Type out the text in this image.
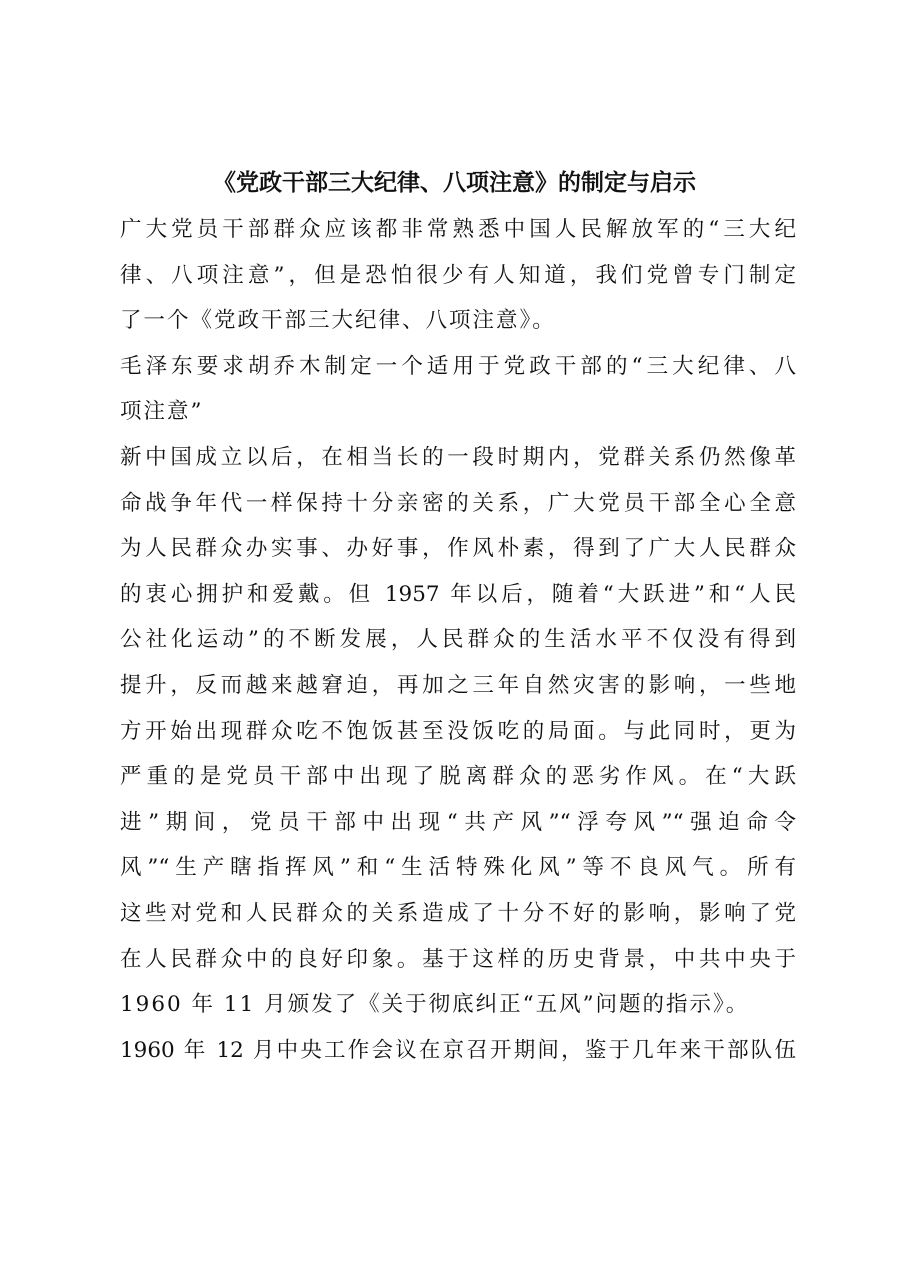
《党政干部三大纪律、八项注意》的制定与启示
广大党员干部群众应该都非常熟悉中国人民解放军的“三大纪
律、八项注意”，但是恐怕很少有人知道，我们党曾专门制定
了一个《党政干部三大纪律、八项注意》。
毛泽东要求胡乔木制定一个适用于党政干部的“三大纪律、八
项注意”
新中国成立以后，在相当长的一段时期内，党群关系仍然像革
命战争年代一样保持十分亲密的关系，广大党员干部全心全意
为人民群众办实事、办好事，作风朴素，得到了广大人民群众
的衷心拥护和爱戴。但 1957 年以后，随着“大跃进”和“人民
公社化运动”的不断发展，人民群众的生活水平不仅没有得到
提升，反而越来越窘迫，再加之三年自然灾害的影响，一些地
方开始出现群众吃不饱饭甚至没饭吃的局面。与此同时，更为
严重的是党员干部中出现了脱离群众的恶劣作风。在“大跃
进”期间，党员干部中出现“共产风”“浮夸风”“强迫命令
风”“生产瞎指挥风”和“生活特殊化风”等不良风气。所有
这些对党和人民群众的关系造成了十分不好的影响，影响了党
在人民群众中的良好印象。基于这样的历史背景，中共中央于
1960 年 11 月颁发了《关于彻底纠正“五风”问题的指示》。
1960 年 12 月中央工作会议在京召开期间，鉴于几年来干部队伍
